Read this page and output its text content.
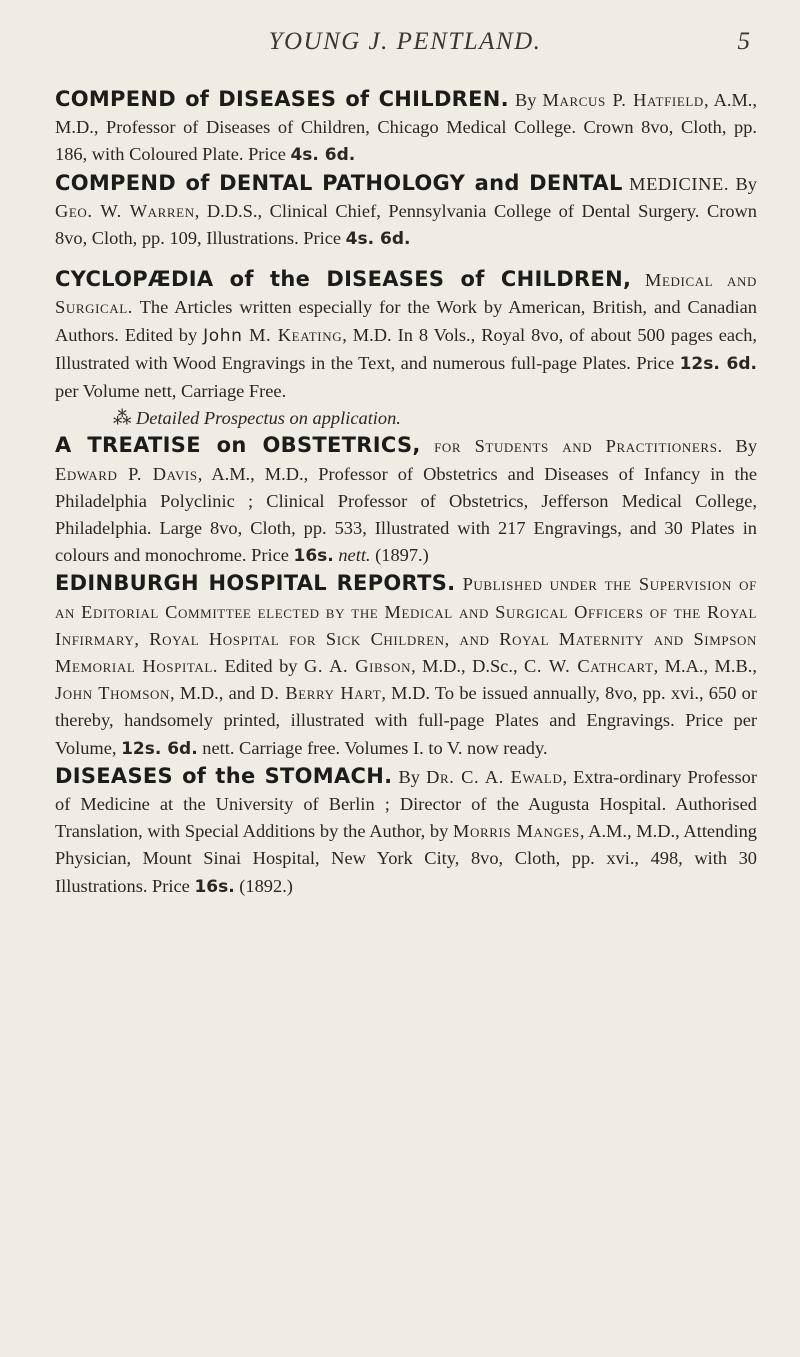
YOUNG J. PENTLAND.	5

COMPEND of DISEASES of CHILDREN. By Marcus P. Hatfield, A.M., M.D., Professor of Diseases of Children, Chicago Medical College. Crown 8vo, Cloth, pp. 186, with Coloured Plate. Price 4s. 6d.

COMPEND of DENTAL PATHOLOGY and DENTAL MEDICINE. By Geo. W. Warren, D.D.S., Clinical Chief, Pennsylvania College of Dental Surgery. Crown 8vo, Cloth, pp. 109, Illustrations. Price 4s. 6d.

CYCLOPÆDIA of the DISEASES of CHILDREN, Medical and Surgical. The Articles written especially for the Work by American, British, and Canadian Authors. Edited by John M. Keating, M.D. In 8 Vols., Royal 8vo, of about 500 pages each, Illustrated with Wood Engravings in the Text, and numerous full-page Plates. Price 12s. 6d. per Volume nett, Carriage Free.
⁂ Detailed Prospectus on application.

A TREATISE on OBSTETRICS, for Students and Practitioners. By Edward P. Davis, A.M., M.D., Professor of Obstetrics and Diseases of Infancy in the Philadelphia Polyclinic ; Clinical Professor of Obstetrics, Jefferson Medical College, Philadelphia. Large 8vo, Cloth, pp. 533, Illustrated with 217 Engravings, and 30 Plates in colours and monochrome. Price 16s. nett. (1897.)

EDINBURGH HOSPITAL REPORTS. Published under the Supervision of an Editorial Committee elected by the Medical and Surgical Officers of the Royal Infirmary, Royal Hospital for Sick Children, and Royal Maternity and Simpson Memorial Hospital. Edited by G. A. Gibson, M.D., D.Sc., C. W. Cathcart, M.A., M.B., John Thomson, M.D., and D. Berry Hart, M.D. To be issued annually, 8vo, pp. xvi., 650 or thereby, handsomely printed, illustrated with full-page Plates and Engravings. Price per Volume, 12s. 6d. nett. Carriage free. Volumes I. to V. now ready.

DISEASES of the STOMACH. By Dr. C. A. Ewald, Extra-ordinary Professor of Medicine at the University of Berlin ; Director of the Augusta Hospital. Authorised Translation, with Special Additions by the Author, by Morris Manges, A.M., M.D., Attending Physician, Mount Sinai Hospital, New York City, 8vo, Cloth, pp. xvi., 498, with 30 Illustrations. Price 16s. (1892.)
